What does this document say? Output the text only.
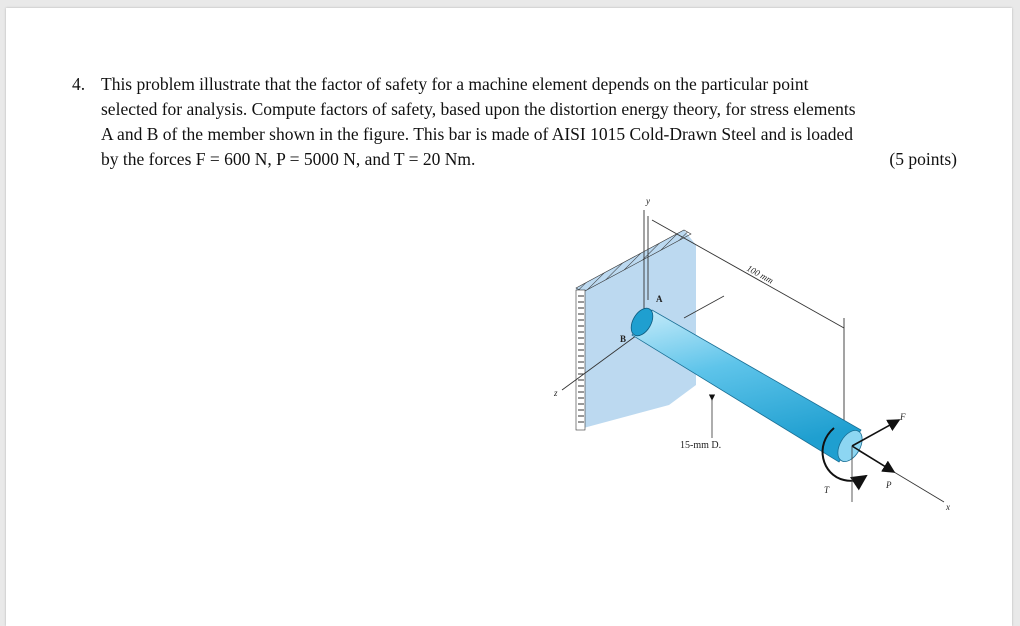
4. This problem illustrate that the factor of safety for a machine element depends on the particular point
selected for analysis. Compute factors of safety, based upon the distortion energy theory, for stress elements
A and B of the member shown in the figure. This bar is made of AISI 1015 Cold-Drawn Steel and is loaded
by the forces F = 600 N, P = 5000 N, and T = 20 Nm.	(5 points)
100 mm
y
z
x
A
B
F
P
T
15-mm D.
